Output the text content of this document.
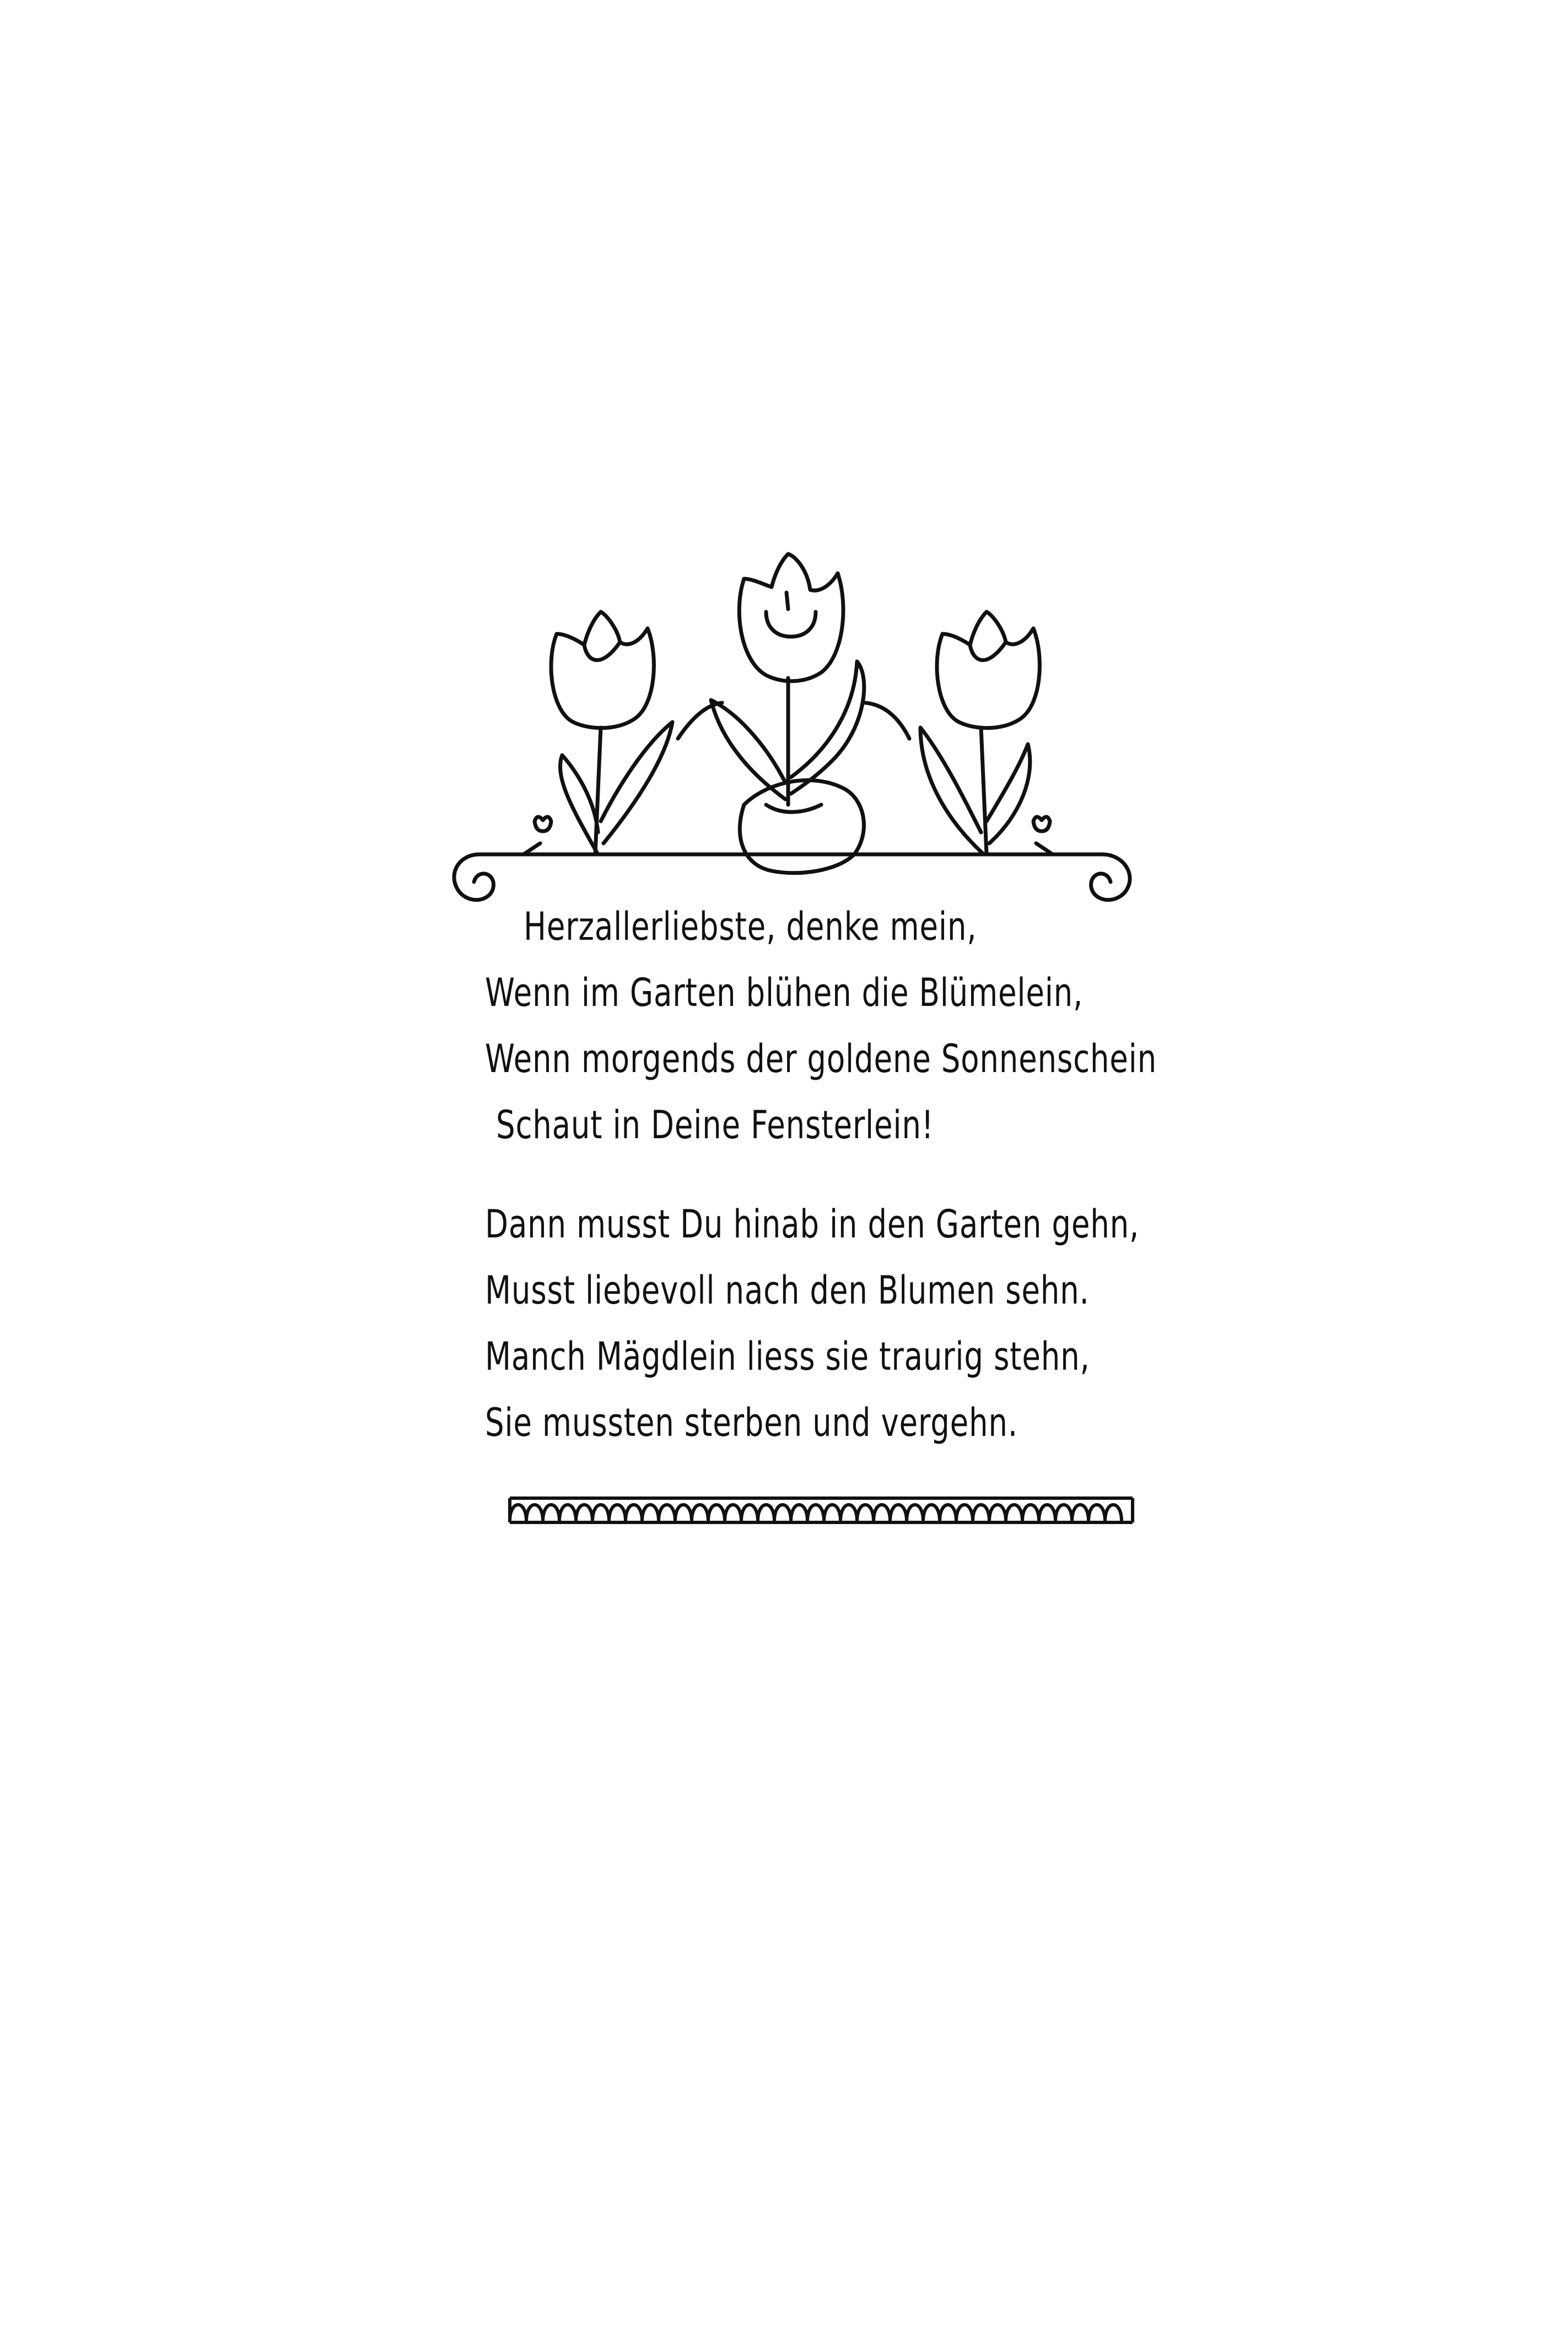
Herzallerliebste, denke mein,
Wenn im Garten blühen die Blümelein,
Wenn morgends der goldene Sonnenschein
Schaut in Deine Fensterlein!
Dann musst Du hinab in den Garten gehn,
Musst liebevoll nach den Blumen sehn.
Manch Mägdlein liess sie traurig stehn,
Sie mussten sterben und vergehn.
